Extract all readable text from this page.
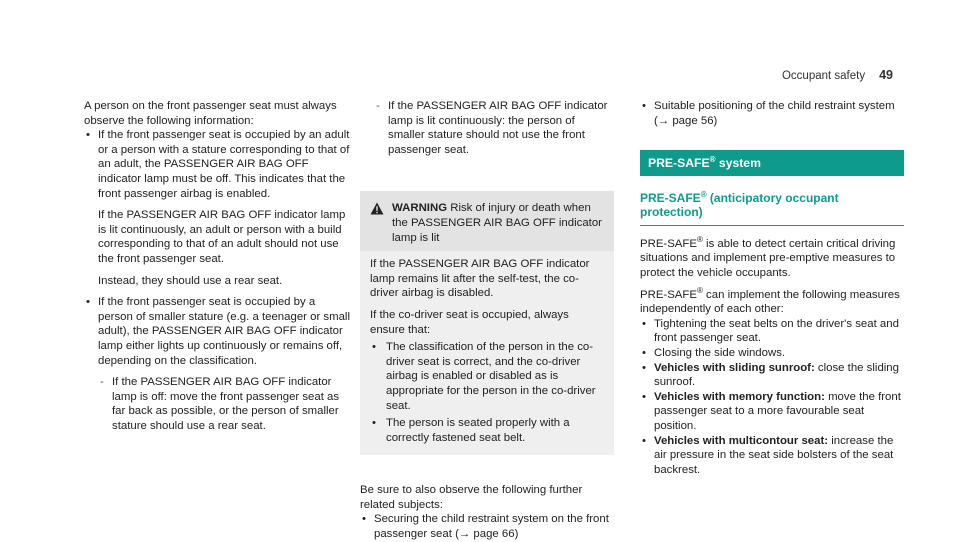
Occupant safety 49

A person on the front passenger seat must always observe the following information:

• If the front passenger seat is occupied by an adult or a person with a stature corresponding to that of an adult, the PASSENGER AIR BAG OFF indicator lamp must be off. This indicates that the front passenger airbag is enabled.

If the PASSENGER AIR BAG OFF indicator lamp is lit continuously, an adult or person with a build corresponding to that of an adult should not use the front passenger seat.

Instead, they should use a rear seat.

• If the front passenger seat is occupied by a person of smaller stature (e.g. a teenager or small adult), the PASSENGER AIR BAG OFF indicator lamp either lights up continuously or remains off, depending on the classification.

- If the PASSENGER AIR BAG OFF indicator lamp is off: move the front passenger seat as far back as possible, or the person of smaller stature should use a rear seat.

- If the PASSENGER AIR BAG OFF indicator lamp is lit continuously: the person of smaller stature should not use the front passenger seat.

WARNING Risk of injury or death when the PASSENGER AIR BAG OFF indicator lamp is lit

If the PASSENGER AIR BAG OFF indicator lamp remains lit after the self-test, the co-driver airbag is disabled.

If the co-driver seat is occupied, always ensure that:

• The classification of the person in the co-driver seat is correct, and the co-driver airbag is enabled or disabled as is appropriate for the person in the co-driver seat.

• The person is seated properly with a correctly fastened seat belt.

Be sure to also observe the following further related subjects:

• Securing the child restraint system on the front passenger seat (→ page 66)
• Suitable positioning of the child restraint system (→ page 56)
PRE-SAFE® system
PRE-SAFE® (anticipatory occupant protection)

PRE-SAFE® is able to detect certain critical driving situations and implement pre-emptive measures to protect the vehicle occupants.

PRE-SAFE® can implement the following measures independently of each other:

• Tightening the seat belts on the driver's seat and front passenger seat.
• Closing the side windows.
• Vehicles with sliding sunroof: close the sliding sunroof.
• Vehicles with memory function: move the front passenger seat to a more favourable seat position.
• Vehicles with multicontour seat: increase the air pressure in the seat side bolsters of the seat backrest.
